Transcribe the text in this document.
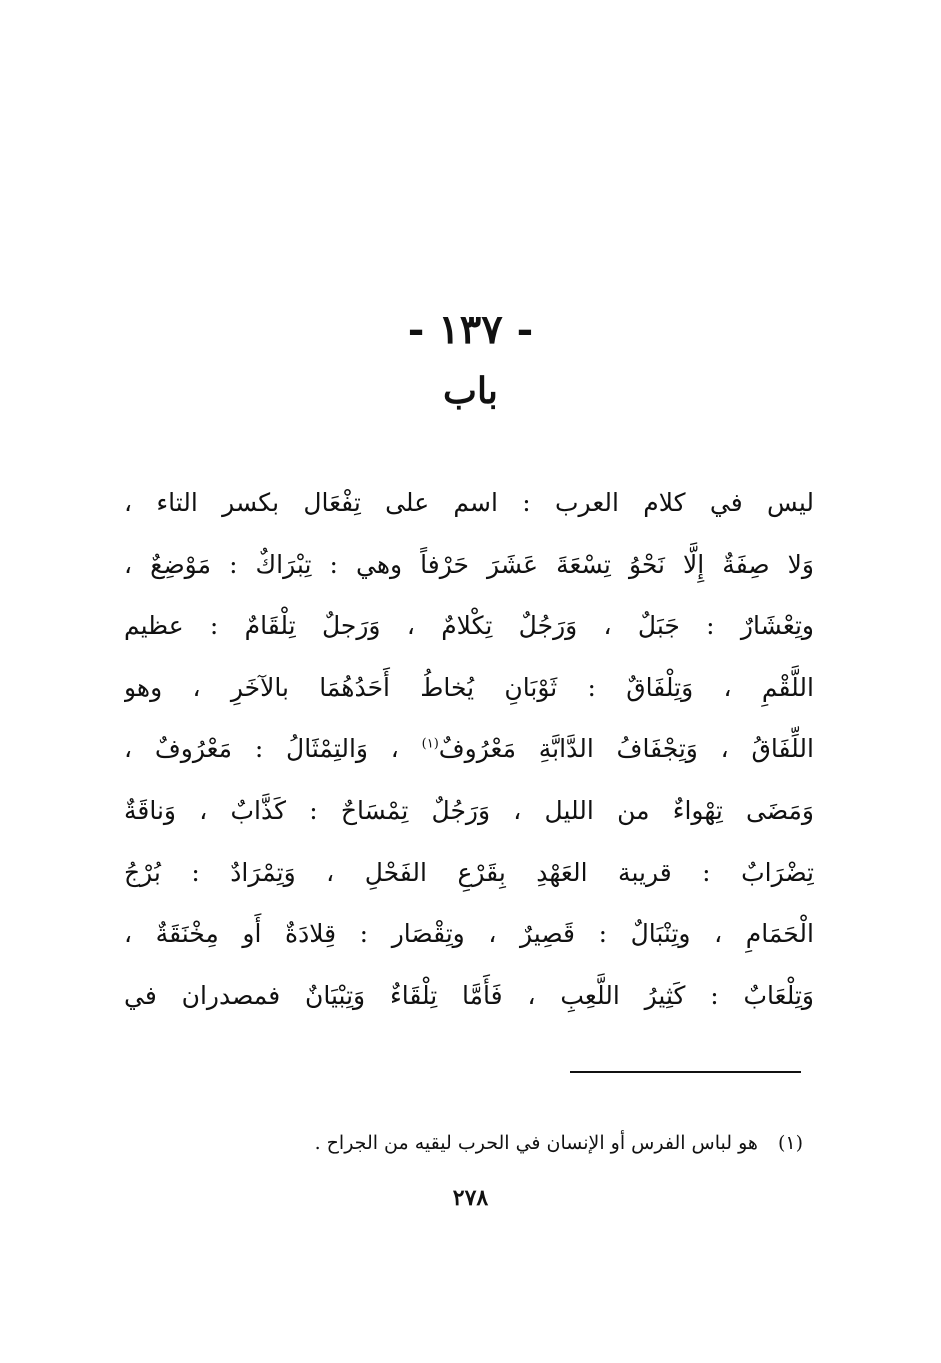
- ١٣٧ -
باب
ليس في كلام العرب : اسم على تِفْعَال بكسر التاء ،
وَلا صِفَةٌ إِلَّا نَحْوُ تِسْعَةَ عَشَرَ حَرْفاً وهي : تِبْرَاكٌ : مَوْضِعٌ ،
وتِعْشَارٌ : جَبَلٌ ، وَرَجُلٌ تِكْلامٌ ، وَرَجلٌ تِلْقَامٌ : عظيم
اللَّقْمِ ، وَتِلْفَاقٌ : ثَوْبَانِ يُخاطُ أَحَدُهُمَا بالآخَرِ ، وهو
اللِّفَاقُ ، وَتِجْفَافُ الدَّابَّةِ مَعْرُوفٌ$^{(١)}$ ، وَالتِمْثَالُ : مَعْرُوفٌ ،
وَمَضَى تِهْواءٌ من الليل ، وَرَجُلٌ تِمْسَاحٌ : كَذَّابٌ ، وَناقَةٌ
تِضْرَابٌ : قريبة العَهْدِ بِقَرْعِ الفَحْلِ ، وَتِمْرَادٌ : بُرْجُ
الْحَمَامِ ، وتِنْبَالٌ : قَصِيرٌ ، وتِقْصَار : قِلادَةٌ أَو مِخْنَقَةٌ ،
وَتِلْعَابٌ : كَثِيرُ اللَّعِبِ ، فَأَمَّا تِلْقَاءٌ وَتِبْيَانٌ فمصدران في
(١)هو لباس الفرس أو الإنسان في الحرب ليقيه من الجراح .
٢٧٨
